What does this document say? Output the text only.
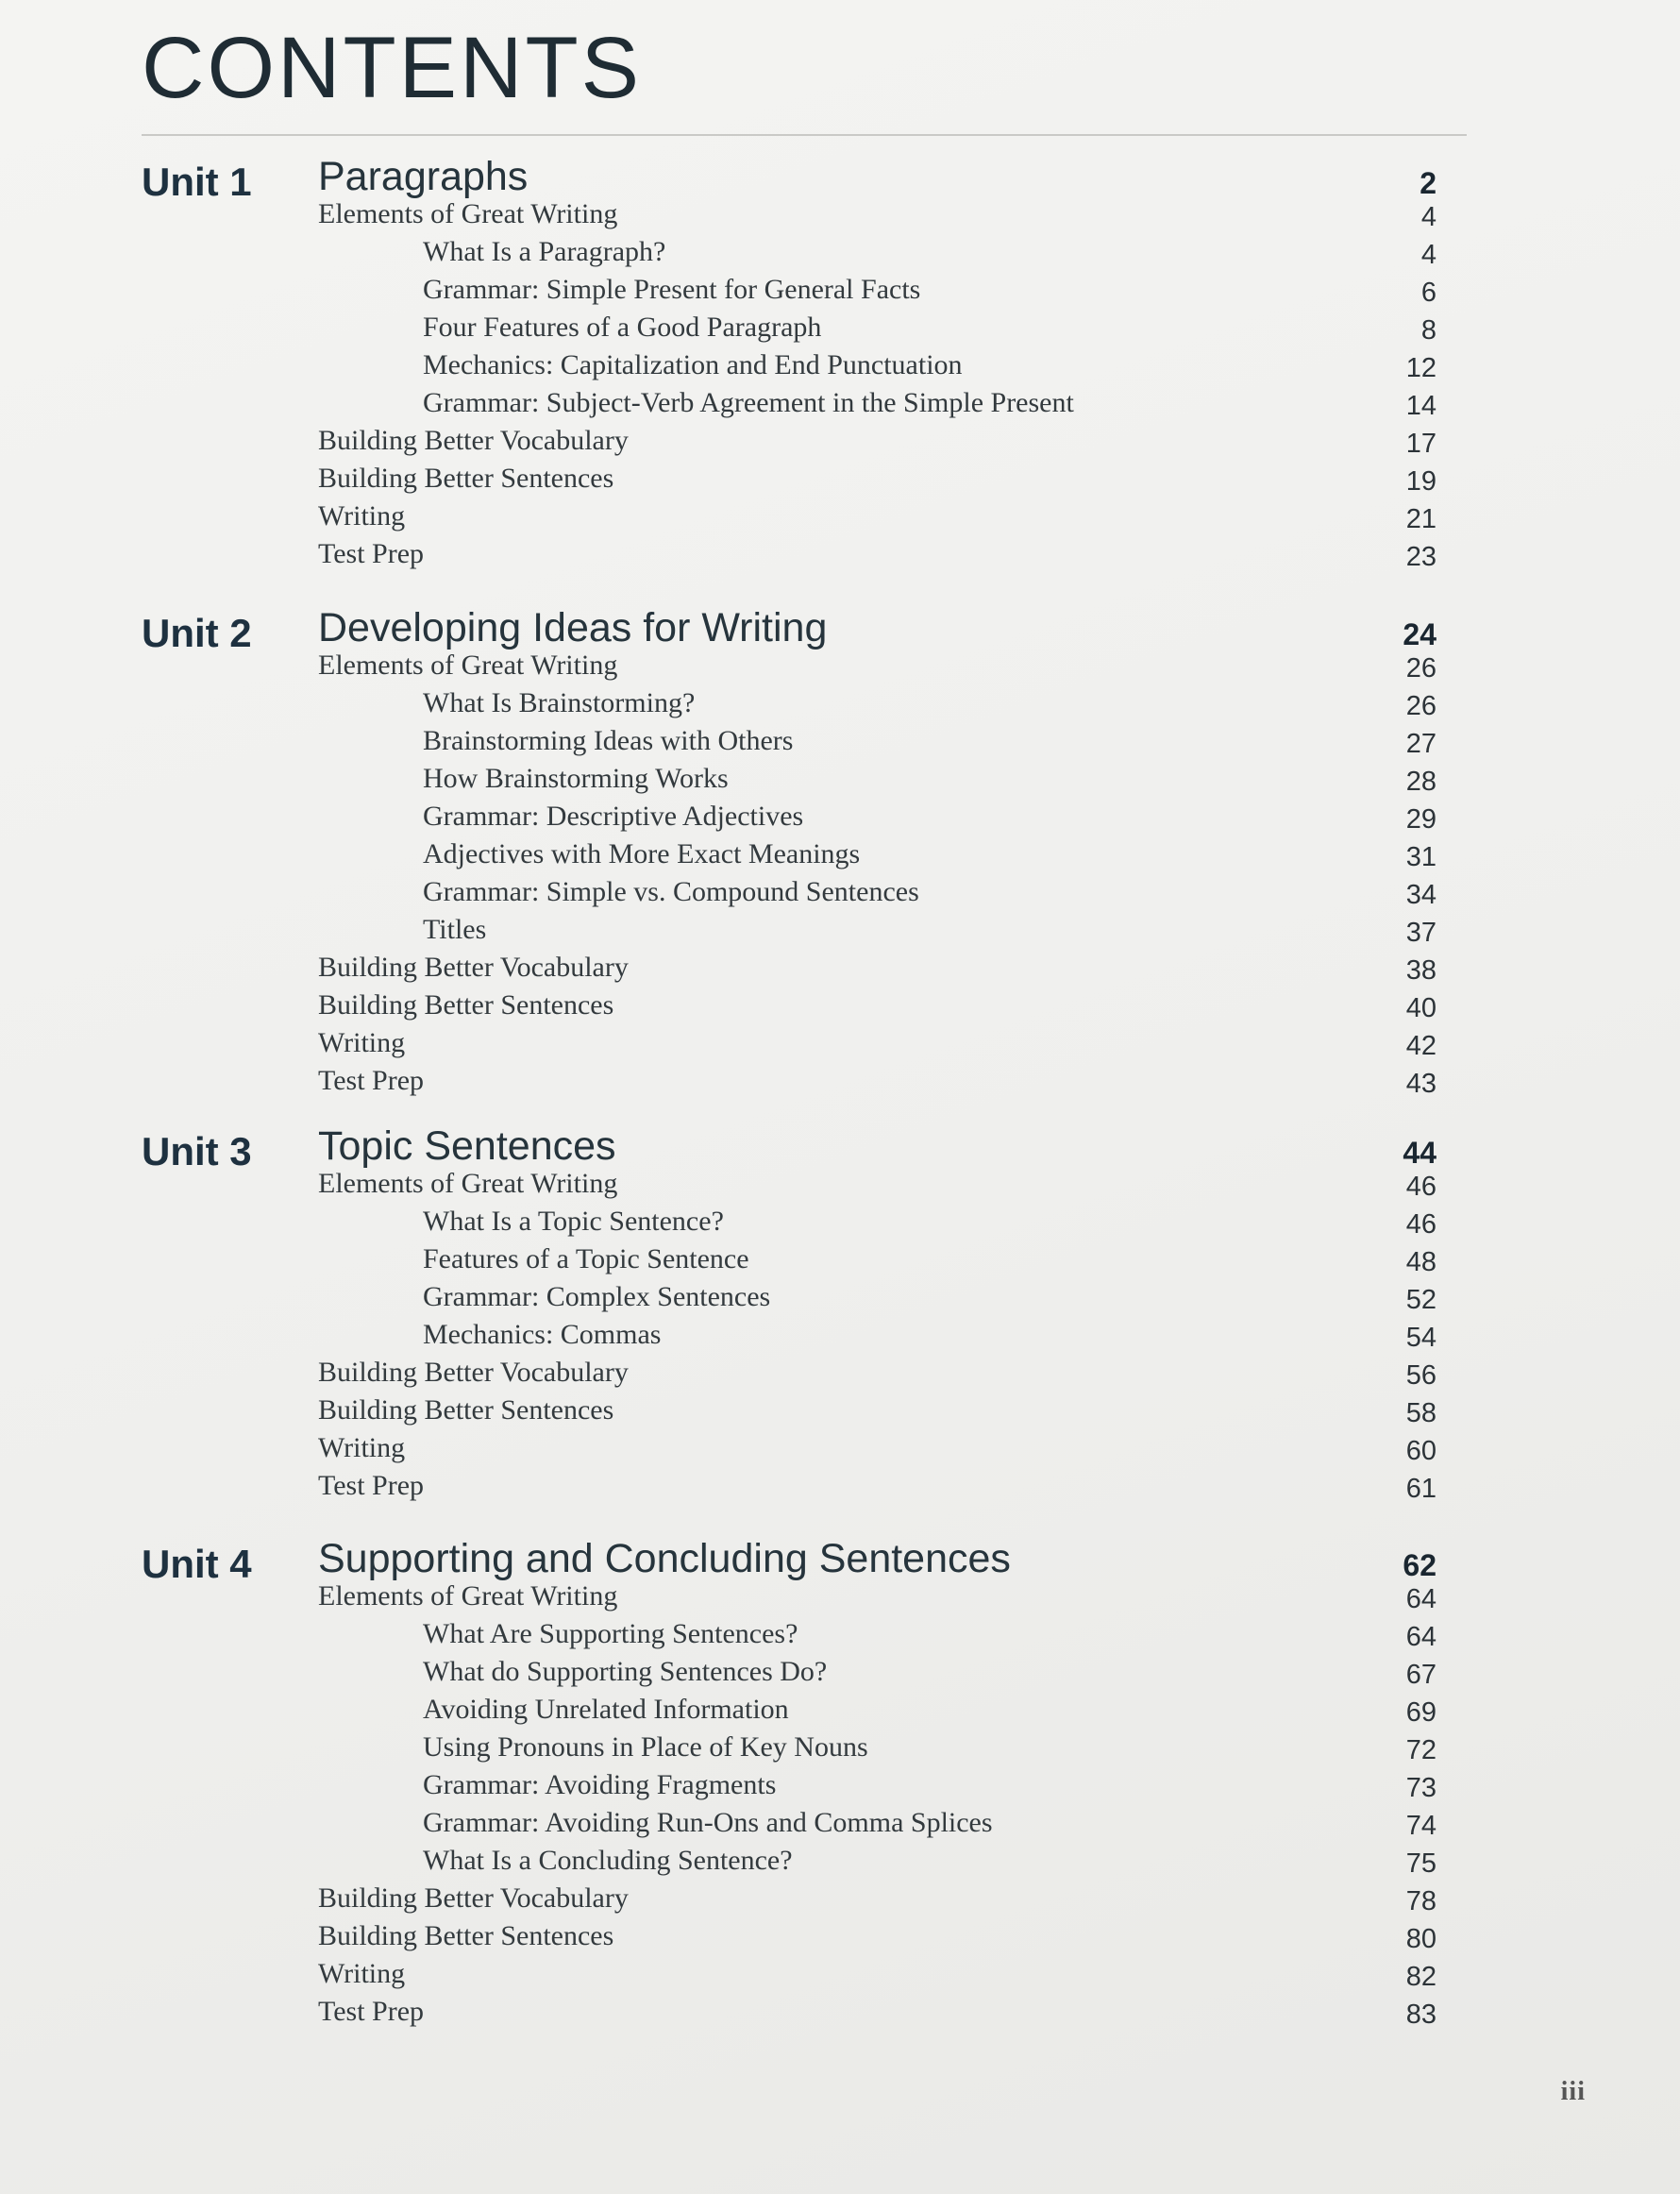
CONTENTS
Unit 1 Paragraphs	2
Elements of Great Writing	4
What Is a Paragraph?	4
Grammar: Simple Present for General Facts	6
Four Features of a Good Paragraph	8
Mechanics: Capitalization and End Punctuation	12
Grammar: Subject-Verb Agreement in the Simple Present	14
Building Better Vocabulary	17
Building Better Sentences	19
Writing	21
Test Prep	23
Unit 2 Developing Ideas for Writing	24
Elements of Great Writing	26
What Is Brainstorming?	26
Brainstorming Ideas with Others	27
How Brainstorming Works	28
Grammar: Descriptive Adjectives	29
Adjectives with More Exact Meanings	31
Grammar: Simple vs. Compound Sentences	34
Titles	37
Building Better Vocabulary	38
Building Better Sentences	40
Writing	42
Test Prep	43
Unit 3 Topic Sentences	44
Elements of Great Writing	46
What Is a Topic Sentence?	46
Features of a Topic Sentence	48
Grammar: Complex Sentences	52
Mechanics: Commas	54
Building Better Vocabulary	56
Building Better Sentences	58
Writing	60
Test Prep	61
Unit 4 Supporting and Concluding Sentences	62
Elements of Great Writing	64
What Are Supporting Sentences?	64
What do Supporting Sentences Do?	67
Avoiding Unrelated Information	69
Using Pronouns in Place of Key Nouns	72
Grammar: Avoiding Fragments	73
Grammar: Avoiding Run-Ons and Comma Splices	74
What Is a Concluding Sentence?	75
Building Better Vocabulary	78
Building Better Sentences	80
Writing	82
Test Prep	83
iii
